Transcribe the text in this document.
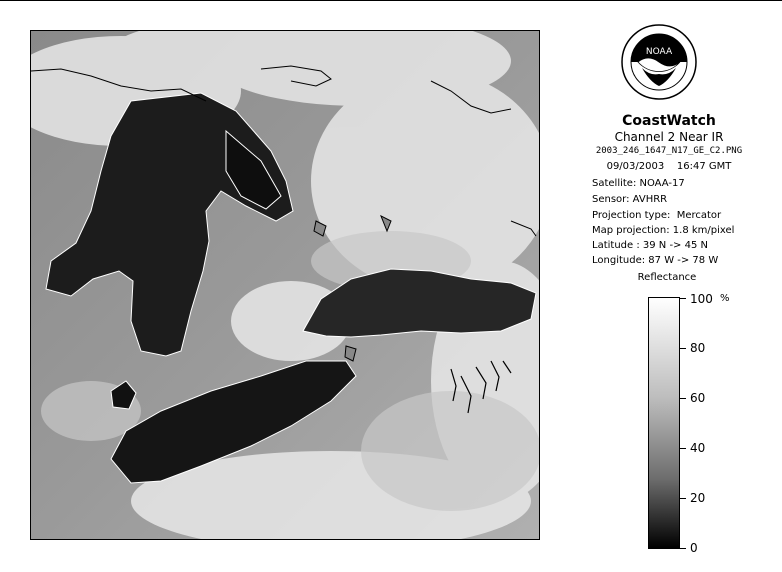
NOAA
CoastWatch
Channel 2 Near IR
2003_246_1647_N17_GE_C2.PNG
09/03/2003    16:47 GMT
Satellite: NOAA-17
Sensor: AVHRR
Projection type:  Mercator
Map projection: 1.8 km/pixel
Latitude : 39 N -> 45 N
Longitude: 87 W -> 78 W
Reflectance
%
100
80
60
40
20
0
